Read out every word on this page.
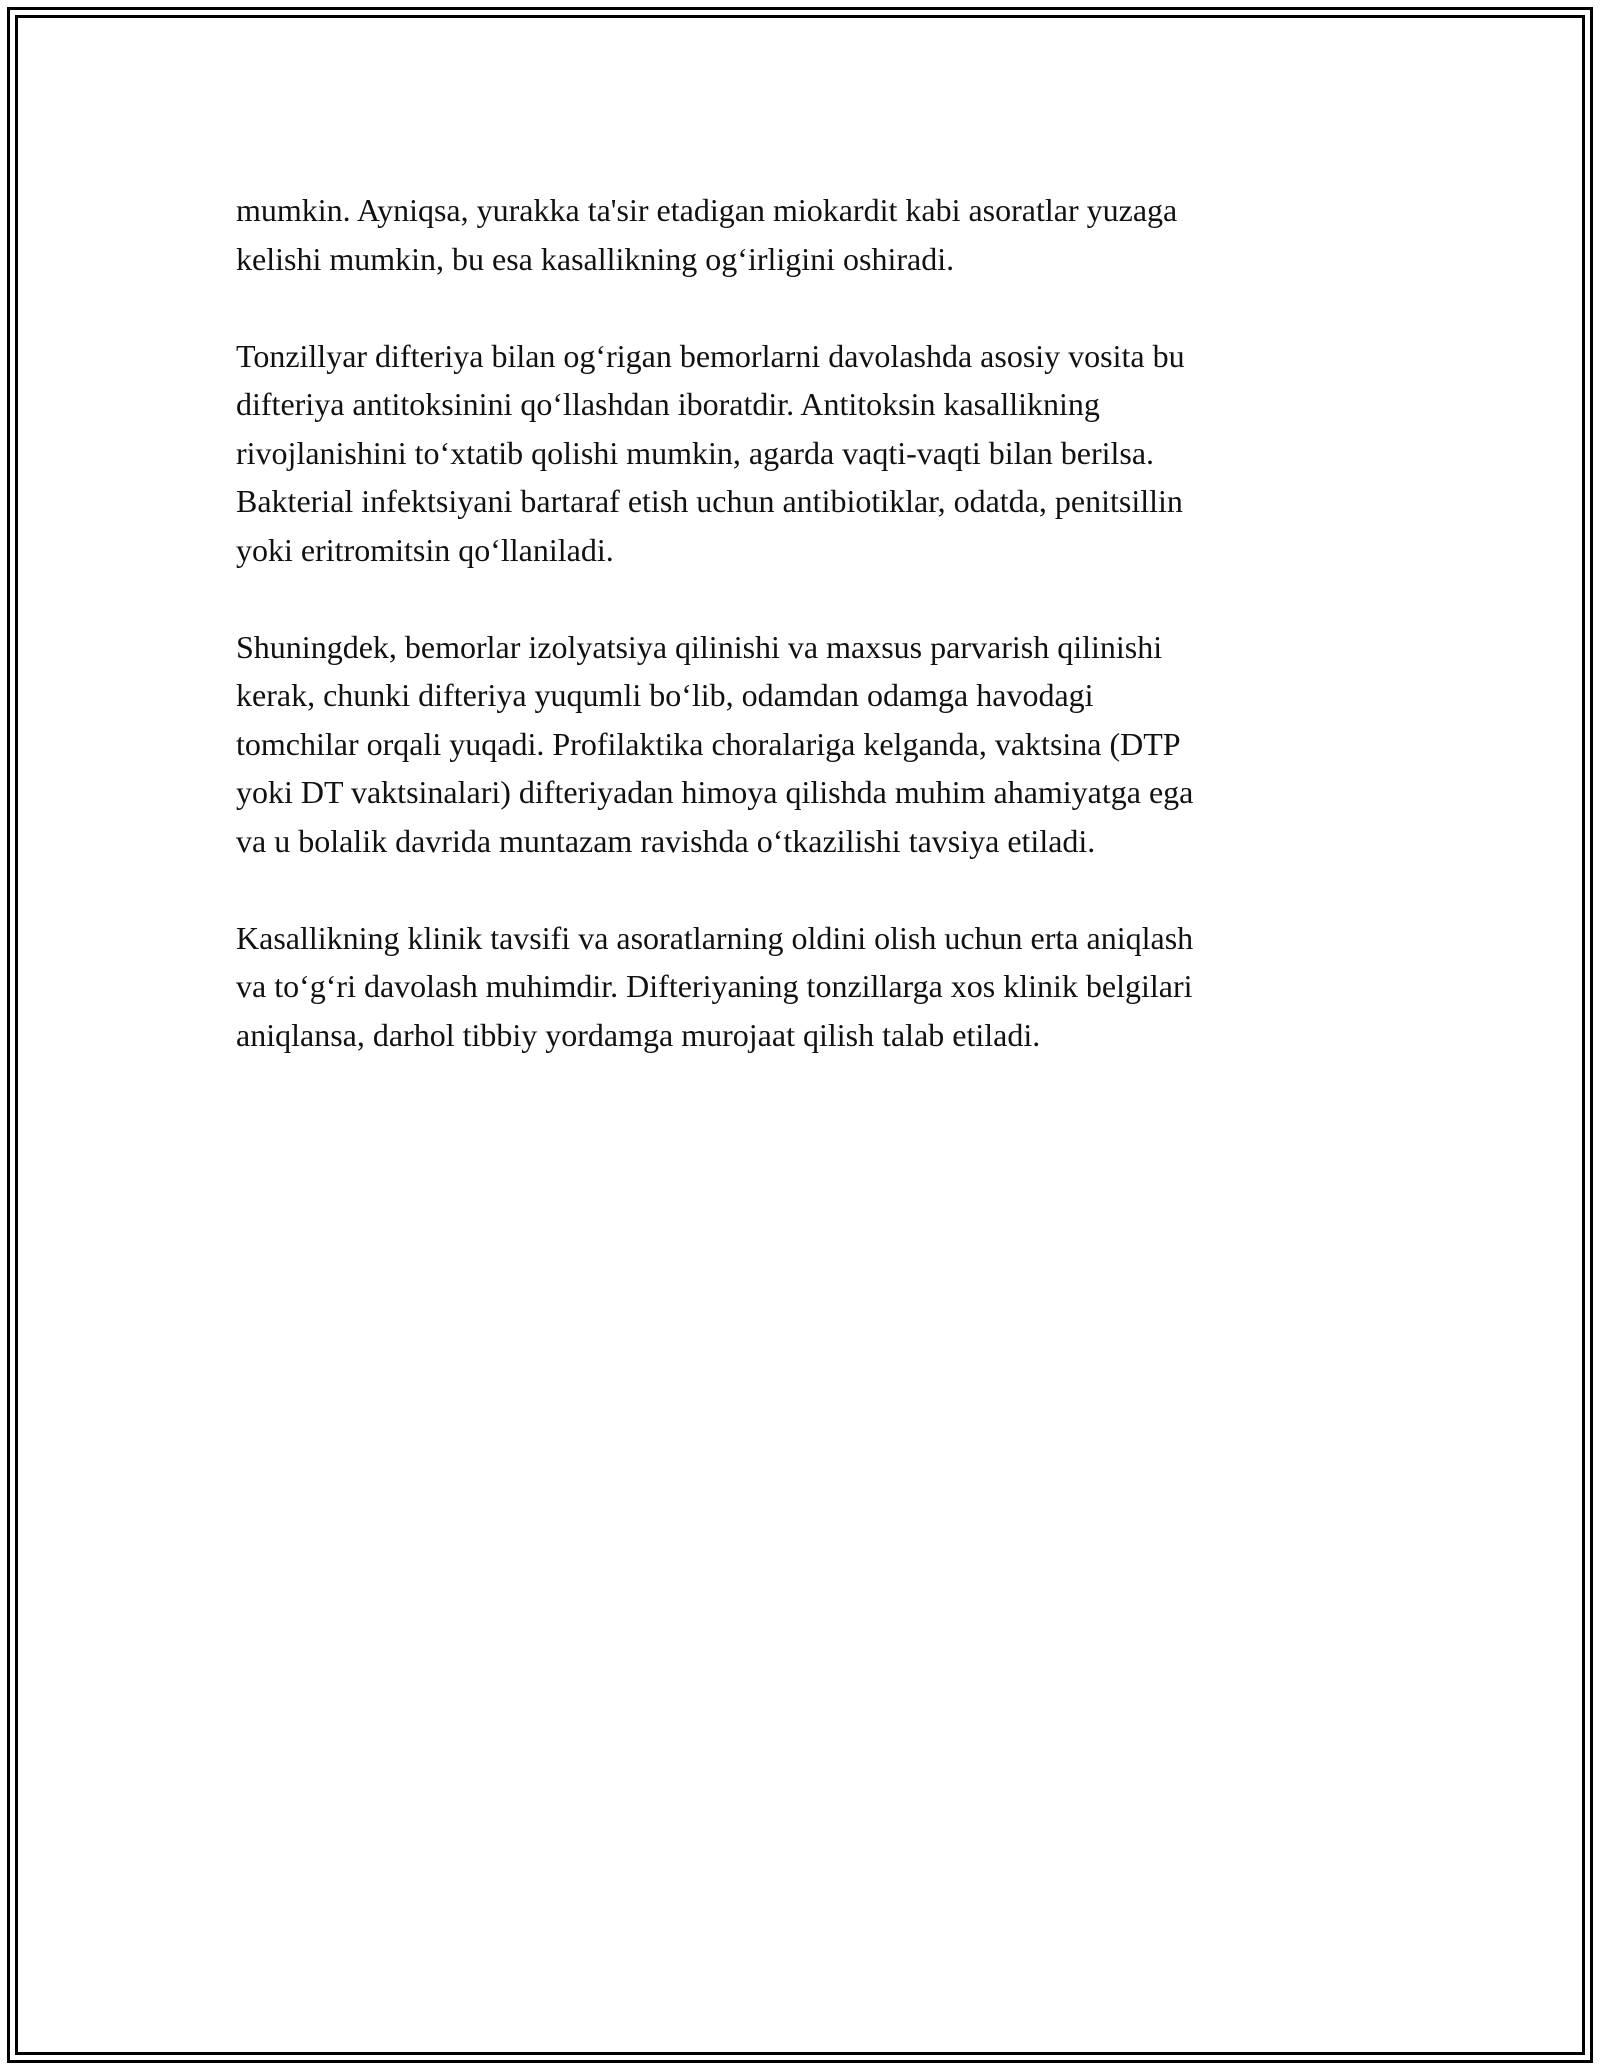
mumkin. Ayniqsa, yurakka ta'sir etadigan miokardit kabi asoratlar yuzaga
kelishi mumkin, bu esa kasallikning og‘irligini oshiradi.

Tonzillyar difteriya bilan og‘rigan bemorlarni davolashda asosiy vosita bu
difteriya antitoksinini qo‘llashdan iboratdir. Antitoksin kasallikning
rivojlanishini to‘xtatib qolishi mumkin, agarda vaqti-vaqti bilan berilsa.
Bakterial infektsiyani bartaraf etish uchun antibiotiklar, odatda, penitsillin
yoki eritromitsin qo‘llaniladi.

Shuningdek, bemorlar izolyatsiya qilinishi va maxsus parvarish qilinishi
kerak, chunki difteriya yuqumli bo‘lib, odamdan odamga havodagi
tomchilar orqali yuqadi. Profilaktika choralariga kelganda, vaktsina (DTP
yoki DT vaktsinalari) difteriyadan himoya qilishda muhim ahamiyatga ega
va u bolalik davrida muntazam ravishda o‘tkazilishi tavsiya etiladi.

Kasallikning klinik tavsifi va asoratlarning oldini olish uchun erta aniqlash
va to‘g‘ri davolash muhimdir. Difteriyaning tonzillarga xos klinik belgilari
aniqlansa, darhol tibbiy yordamga murojaat qilish talab etiladi.
